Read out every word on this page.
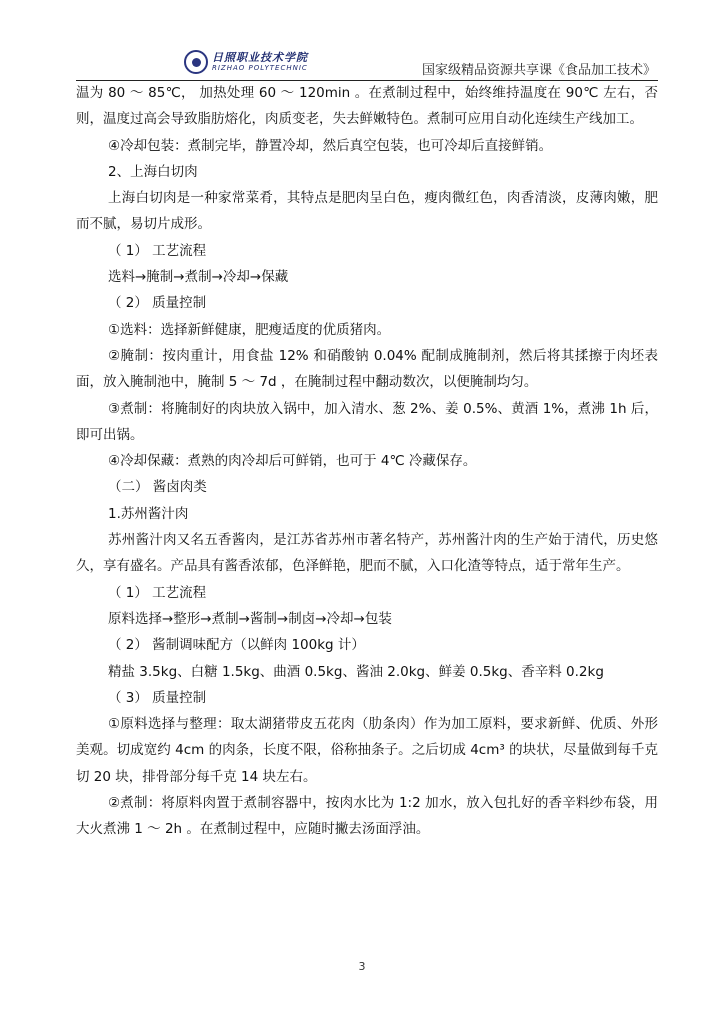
日照职业技术学院
RIZHAO POLYTECHNIC	国家级精品资源共享课《食品加工技术》

温为 80 ～ 85℃， 加热处理 60 ～ 120min 。在煮制过程中，始终维持温度在 90℃ 左右，否则，温度过高会导致脂肪熔化，肉质变老，失去鲜嫩特色。煮制可应用自动化连续生产线加工。

④冷却包装：煮制完毕，静置冷却，然后真空包装，也可冷却后直接鲜销。

2、上海白切肉

上海白切肉是一种家常菜肴，其特点是肥肉呈白色，瘦肉微红色，肉香清淡，皮薄肉嫩，肥而不腻，易切片成形。

（ 1） 工艺流程

选料→腌制→煮制→冷却→保藏

（ 2） 质量控制

①选料：选择新鲜健康，肥瘦适度的优质猪肉。

②腌制：按肉重计，用食盐 12% 和硝酸钠 0.04% 配制成腌制剂，然后将其揉擦于肉坯表面，放入腌制池中，腌制 5 ～ 7d ，在腌制过程中翻动数次，以便腌制均匀。

③煮制：将腌制好的肉块放入锅中，加入清水、葱 2%、姜 0.5%、黄酒 1%，煮沸 1h 后，即可出锅。

④冷却保藏：煮熟的肉冷却后可鲜销，也可于 4℃ 冷藏保存。

（二） 酱卤肉类

1.苏州酱汁肉

苏州酱汁肉又名五香酱肉，是江苏省苏州市著名特产，苏州酱汁肉的生产始于清代，历史悠久，享有盛名。产品具有酱香浓郁，色泽鲜艳，肥而不腻，入口化渣等特点，适于常年生产。

（ 1） 工艺流程

原料选择→整形→煮制→酱制→制卤→冷却→包装

（ 2） 酱制调味配方（以鲜肉 100kg 计）

精盐 3.5kg、白糖 1.5kg、曲酒 0.5kg、酱油 2.0kg、鲜姜 0.5kg、香辛料 0.2kg

（ 3） 质量控制

①原料选择与整理：取太湖猪带皮五花肉（肋条肉）作为加工原料，要求新鲜、优质、外形美观。切成宽约 4cm 的肉条，长度不限，俗称抽条子。之后切成 4cm³ 的块状，尽量做到每千克切 20 块，排骨部分每千克 14 块左右。

②煮制：将原料肉置于煮制容器中，按肉水比为 1:2 加水，放入包扎好的香辛料纱布袋，用大火煮沸 1 ～ 2h 。在煮制过程中，应随时撇去汤面浮油。

3
